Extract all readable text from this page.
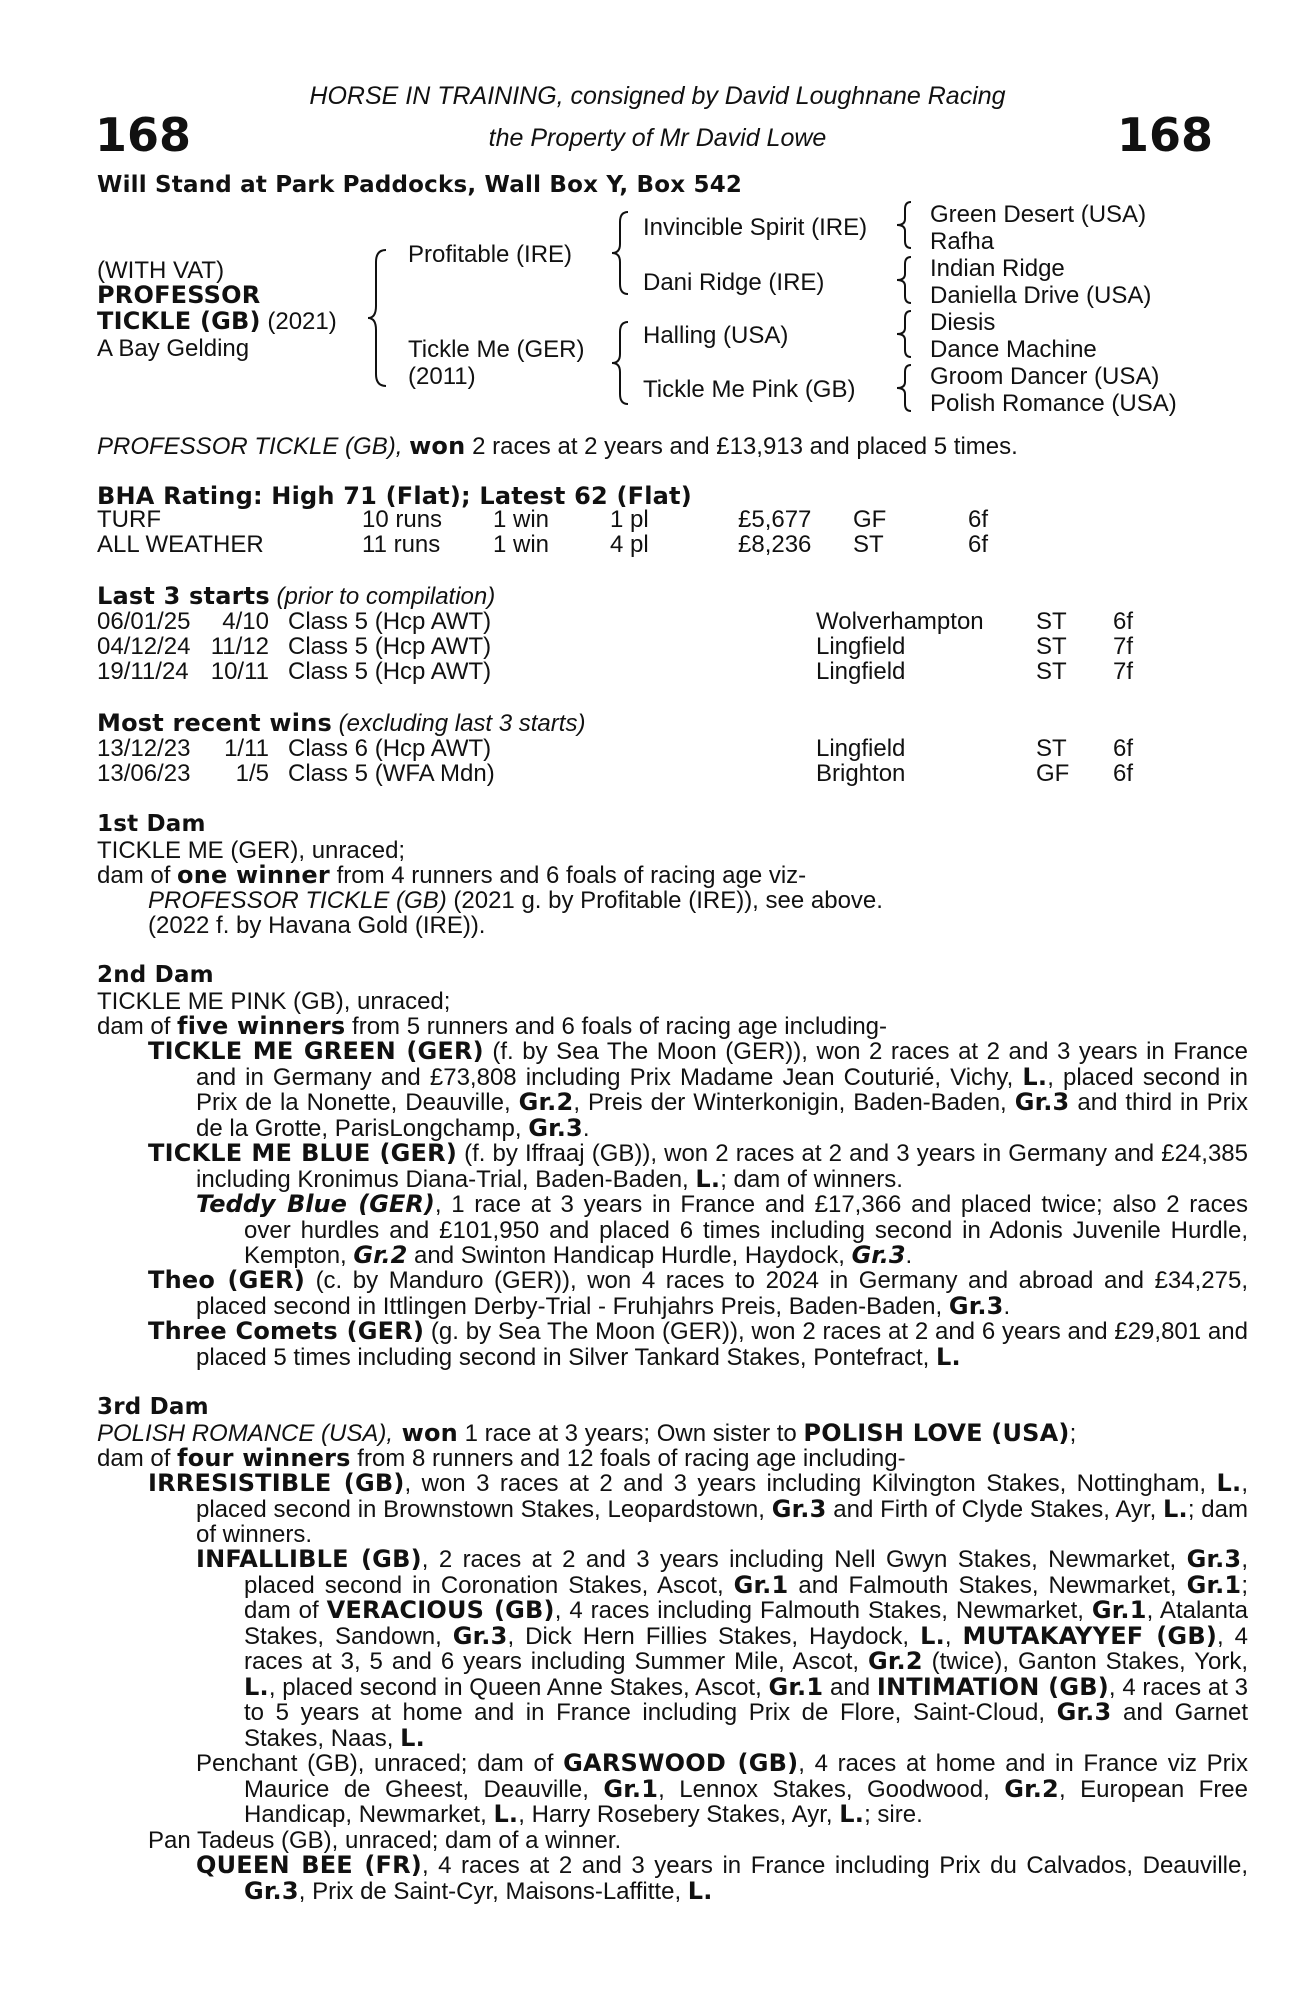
168	168
HORSE IN TRAINING, consigned by David Loughnane Racing
the Property of Mr David Lowe
Will Stand at Park Paddocks, Wall Box Y, Box 542
(WITH VAT)
PROFESSOR
TICKLE (GB) (2021)
A Bay Gelding
Profitable (IRE)
Tickle Me (GER)
(2011)
Invincible Spirit (IRE)
Dani Ridge (IRE)
Halling (USA)
Tickle Me Pink (GB)
Green Desert (USA)
Rafha
Indian Ridge
Daniella Drive (USA)
Diesis
Dance Machine
Groom Dancer (USA)
Polish Romance (USA)
PROFESSOR TICKLE (GB), won 2 races at 2 years and £13,913 and placed 5 times.
BHA Rating: High 71 (Flat); Latest 62 (Flat)
TURF	10 runs 1 win	1 pl	£5,677 GF	6f
ALL WEATHER	11 runs 1 win	4 pl	£8,236 ST	6f
Last 3 starts (prior to compilation)
06/01/25	4/10 Class 5 (Hcp AWT)	Wolverhampton ST 6f
04/12/24 11/12 Class 5 (Hcp AWT)	Lingfield	ST 7f
19/11/24 10/11 Class 5 (Hcp AWT)	Lingfield	ST 7f
Most recent wins (excluding last 3 starts)
13/12/23	1/11 Class 6 (Hcp AWT)	Lingfield	ST 6f
13/06/23	1/5 Class 5 (WFA Mdn)	Brighton	GF 6f
1st Dam
TICKLE ME (GER), unraced;
dam of one winner from 4 runners and 6 foals of racing age viz-
PROFESSOR TICKLE (GB) (2021 g. by Profitable (IRE)), see above.
(2022 f. by Havana Gold (IRE)).
2nd Dam
TICKLE ME PINK (GB), unraced;
dam of five winners from 5 runners and 6 foals of racing age including-
TICKLE ME GREEN (GER) (f. by Sea The Moon (GER)), won 2 races at 2 and 3 years in France and in Germany and £73,808 including Prix Madame Jean Couturié, Vichy, L., placed second in Prix de la Nonette, Deauville, Gr.2, Preis der Winterkonigin, Baden-Baden, Gr.3 and third in Prix de la Grotte, ParisLongchamp, Gr.3.
TICKLE ME BLUE (GER) (f. by Iffraaj (GB)), won 2 races at 2 and 3 years in Germany and £24,385 including Kronimus Diana-Trial, Baden-Baden, L.; dam of winners.
Teddy Blue (GER), 1 race at 3 years in France and £17,366 and placed twice; also 2 races over hurdles and £101,950 and placed 6 times including second in Adonis Juvenile Hurdle, Kempton, Gr.2 and Swinton Handicap Hurdle, Haydock, Gr.3.
Theo (GER) (c. by Manduro (GER)), won 4 races to 2024 in Germany and abroad and £34,275, placed second in Ittlingen Derby-Trial - Fruhjahrs Preis, Baden-Baden, Gr.3.
Three Comets (GER) (g. by Sea The Moon (GER)), won 2 races at 2 and 6 years and £29,801 and placed 5 times including second in Silver Tankard Stakes, Pontefract, L.
3rd Dam
POLISH ROMANCE (USA), won 1 race at 3 years; Own sister to POLISH LOVE (USA);
dam of four winners from 8 runners and 12 foals of racing age including-
IRRESISTIBLE (GB), won 3 races at 2 and 3 years including Kilvington Stakes, Nottingham, L., placed second in Brownstown Stakes, Leopardstown, Gr.3 and Firth of Clyde Stakes, Ayr, L.; dam of winners.
INFALLIBLE (GB), 2 races at 2 and 3 years including Nell Gwyn Stakes, Newmarket, Gr.3, placed second in Coronation Stakes, Ascot, Gr.1 and Falmouth Stakes, Newmarket, Gr.1; dam of VERACIOUS (GB), 4 races including Falmouth Stakes, Newmarket, Gr.1, Atalanta Stakes, Sandown, Gr.3, Dick Hern Fillies Stakes, Haydock, L., MUTAKAYYEF (GB), 4 races at 3, 5 and 6 years including Summer Mile, Ascot, Gr.2 (twice), Ganton Stakes, York, L., placed second in Queen Anne Stakes, Ascot, Gr.1 and INTIMATION (GB), 4 races at 3 to 5 years at home and in France including Prix de Flore, Saint-Cloud, Gr.3 and Garnet Stakes, Naas, L.
Penchant (GB), unraced; dam of GARSWOOD (GB), 4 races at home and in France viz Prix Maurice de Gheest, Deauville, Gr.1, Lennox Stakes, Goodwood, Gr.2, European Free Handicap, Newmarket, L., Harry Rosebery Stakes, Ayr, L.; sire.
Pan Tadeus (GB), unraced; dam of a winner.
QUEEN BEE (FR), 4 races at 2 and 3 years in France including Prix du Calvados, Deauville, Gr.3, Prix de Saint-Cyr, Maisons-Laffitte, L.
